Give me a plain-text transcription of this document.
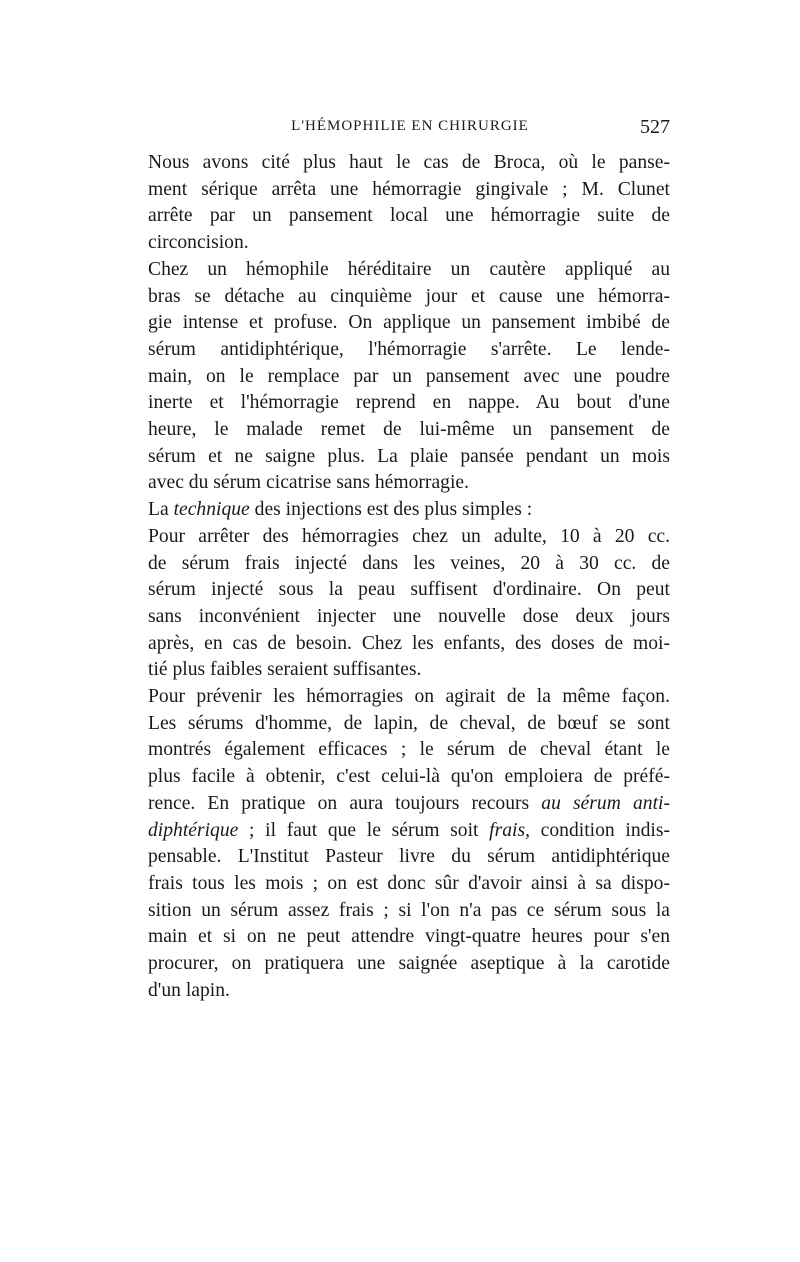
L'HÉMOPHILIE EN CHIRURGIE	527

Nous avons cité plus haut le cas de Broca, où le panse-
ment sérique arrêta une hémorragie gingivale ; M. Clunet
arrête par un pansement local une hémorragie suite de
circoncision.

Chez un hémophile héréditaire un cautère appliqué au
bras se détache au cinquième jour et cause une hémorra-
gie intense et profuse. On applique un pansement imbibé de
sérum antidiphtérique, l'hémorragie s'arrête. Le lende-
main, on le remplace par un pansement avec une poudre
inerte et l'hémorragie reprend en nappe. Au bout d'une
heure, le malade remet de lui-même un pansement de
sérum et ne saigne plus. La plaie pansée pendant un mois
avec du sérum cicatrise sans hémorragie.

La technique des injections est des plus simples :

Pour arrêter des hémorragies chez un adulte, 10 à 20 cc.
de sérum frais injecté dans les veines, 20 à 30 cc. de
sérum injecté sous la peau suffisent d'ordinaire. On peut
sans inconvénient injecter une nouvelle dose deux jours
après, en cas de besoin. Chez les enfants, des doses de moi-
tié plus faibles seraient suffisantes.

Pour prévenir les hémorragies on agirait de la même façon.

Les sérums d'homme, de lapin, de cheval, de bœuf se sont
montrés également efficaces ; le sérum de cheval étant le
plus facile à obtenir, c'est celui-là qu'on emploiera de préfé-
rence. En pratique on aura toujours recours au sérum anti-
diphtérique ; il faut que le sérum soit frais, condition indis-
pensable. L'Institut Pasteur livre du sérum antidiphtérique
frais tous les mois ; on est donc sûr d'avoir ainsi à sa dispo-
sition un sérum assez frais ; si l'on n'a pas ce sérum sous la
main et si on ne peut attendre vingt-quatre heures pour s'en
procurer, on pratiquera une saignée aseptique à la carotide
d'un lapin.
